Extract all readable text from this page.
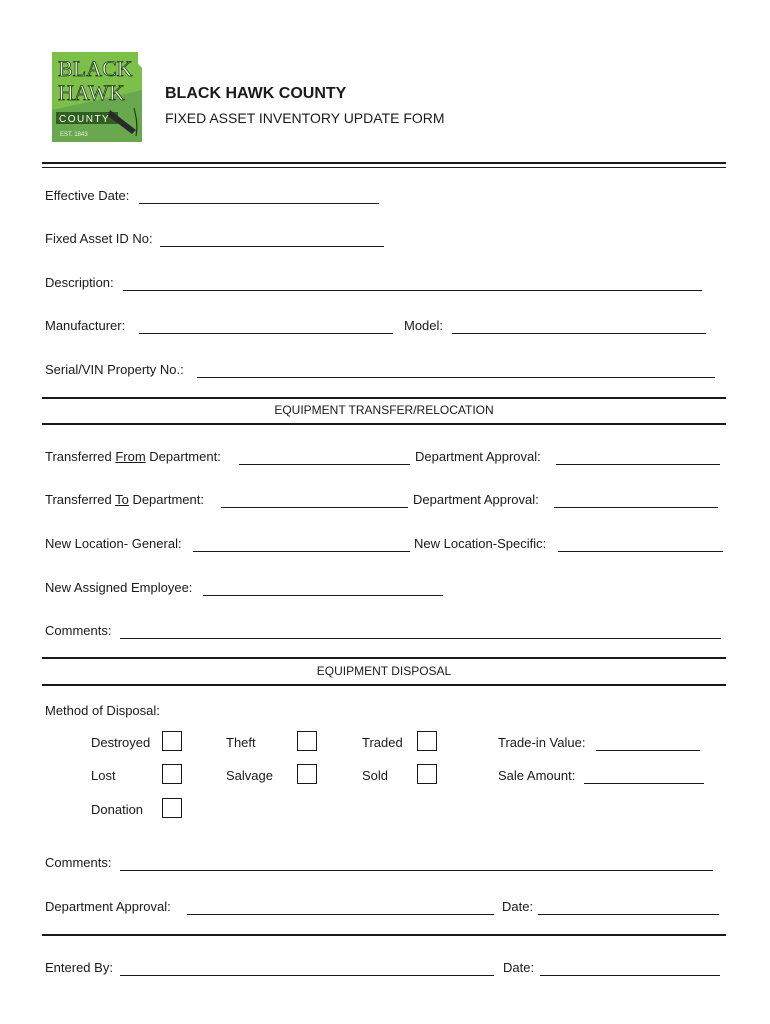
BLACK
HAWK
COUNTY
EST. 1843
BLACK HAWK COUNTY
FIXED ASSET INVENTORY UPDATE FORM
Effective Date:
Fixed Asset ID No:
Description:
Manufacturer:	Model:
Serial/VIN Property No.:
EQUIPMENT TRANSFER/RELOCATION
Transferred From Department:	Department Approval:
Transferred To Department:	Department Approval:
New Location- General:	New Location-Specific:
New Assigned Employee:
Comments:
EQUIPMENT DISPOSAL
Method of Disposal:
Destroyed	Theft	Traded	Trade-in Value:
Lost	Salvage	Sold	Sale Amount:
Donation
Comments:
Department Approval:	Date:
Entered By:	Date:
